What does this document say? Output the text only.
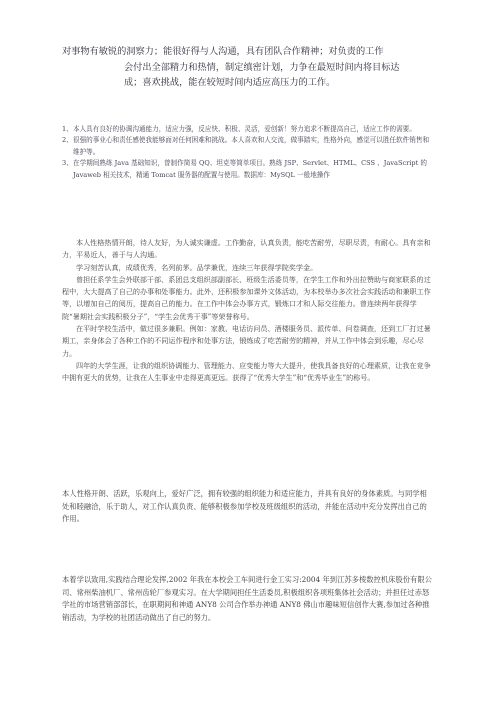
对事物有敏锐的洞察力；能很好得与人沟通，具有团队合作精神；对负责的工作

会付出全部精力和热情，制定缜密计划，力争在最短时间内将目标达

成；喜欢挑战，能在较短时间内适应高压力的工作。

1、 本人具有良好的协调沟通能力，适应力强，反应快、积极、灵活，爱创新！努力追求不断提高自己，适应工作的需要。

2、 很强的事业心和责任感使我能够面对任何困难和挑战。本人喜欢和人交流，做事踏实，性格外向，感觉可以胜任软件销售和维护等。

3、 在学期间熟练 Java 基础知识，曾制作简易 QQ、坦克等简单项目。熟练 JSP、Servlet、HTML、CSS 、JavaScript 的 Javaweb 相关技术，精通 Tomcat 服务器的配置与使用。数据库：MySQL 一般地操作

本人性格热情开朗，待人友好，为人诚实谦虚。工作勤奋，认真负责，能吃苦耐劳，尽职尽责，有耐心。具有亲和力，平易近人，善于与人沟通。

学习刻苦认真，成绩优秀，名列前茅。品学兼优，连续三年获得学院奖学金。

曾担任系学生会外联部干部、系团总支组织部副部长、班级生活委员等，在学生工作和外出拉赞助与商家联系的过程中，大大提高了自己的办事和处事能力。此外，还积极参加课外文体活动，为本校举办多次社会实践活动和兼职工作等，以增加自己的阅历，提高自己的能力。在工作中体会办事方式，锻炼口才和人际交往能力。曾连续两年获得学院“暑期社会实践积极分子”，“学生会优秀干事”等荣誉称号。

在平时学校生活中，做过很多兼职。例如：家教、电话访问员、酒楼服务员、派传单、问卷调查，还到工厂打过暑期工，亲身体会了各种工作的不同运作程序和处事方法，锻炼成了吃苦耐劳的精神，并从工作中体会到乐趣，尽心尽力。

四年的大学生涯，让我的组织协调能力、管理能力、应变能力等大大提升，使我具备良好的心理素质，让我在竞争中拥有更大的优势，让我在人生事业中走得更高更远。获得了“优秀大学生”和“优秀毕业生”的称号。

本人性格开朗、活跃，乐观向上，爱好广泛，拥有较强的组织能力和适应能力，并具有良好的身体素质。与同学相处和睦融洽，乐于助人，对工作认真负责、能够积极参加学校及班级组织的活动，并能在活动中充分发挥出自己的作用。

本着学以致用,实践结合理论发挥,2002 年我在本校会工车间进行金工实习:2004 年到江苏多棱数控机床股份有限公司、常州柴油机厂、常州齿轮厂参观实习。在大学期间担任生活委员,积极组织各项班集体社会活动；并担任过赤怒学社的市场营销部部长，在职期间和神通 ANY8 公司合作举办神通 ANY8 佛山市趣味短信创作大赛,参加过各种推销活动，为学校的社团活动做出了自己的努力。
